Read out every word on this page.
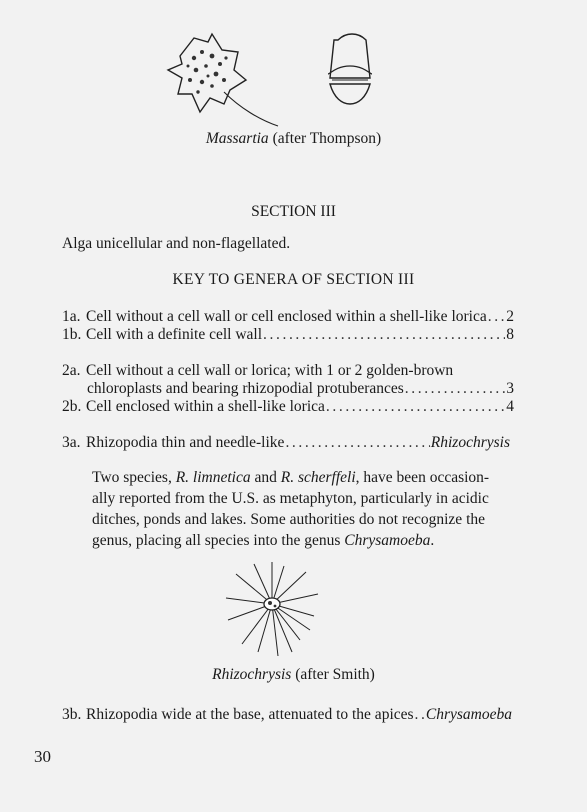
Massartia (after Thompson)
SECTION III
Alga unicellular and non-flagellated.
KEY TO GENERA OF SECTION III
1a. Cell without a cell wall or cell enclosed within a shell-like lorica ..... 2
1b. Cell with a definite cell wall .....	8
2a. Cell without a cell wall or lorica; with 1 or 2 golden-brown
chloroplasts and bearing rhizopodial protuberances .....	3
2b. Cell enclosed within a shell-like lorica .....	4
3a. Rhizopodia thin and needle-like .....	Rhizochrysis
Two species, R. limnetica and R. scherffeli, have been occasion-
ally reported from the U.S. as metaphyton, particularly in acidic
ditches, ponds and lakes. Some authorities do not recognize the
genus, placing all species into the genus Chrysamoeba.
Rhizochrysis (after Smith)
3b. Rhizopodia wide at the base, attenuated to the apices ..... Chrysamoeba
30
